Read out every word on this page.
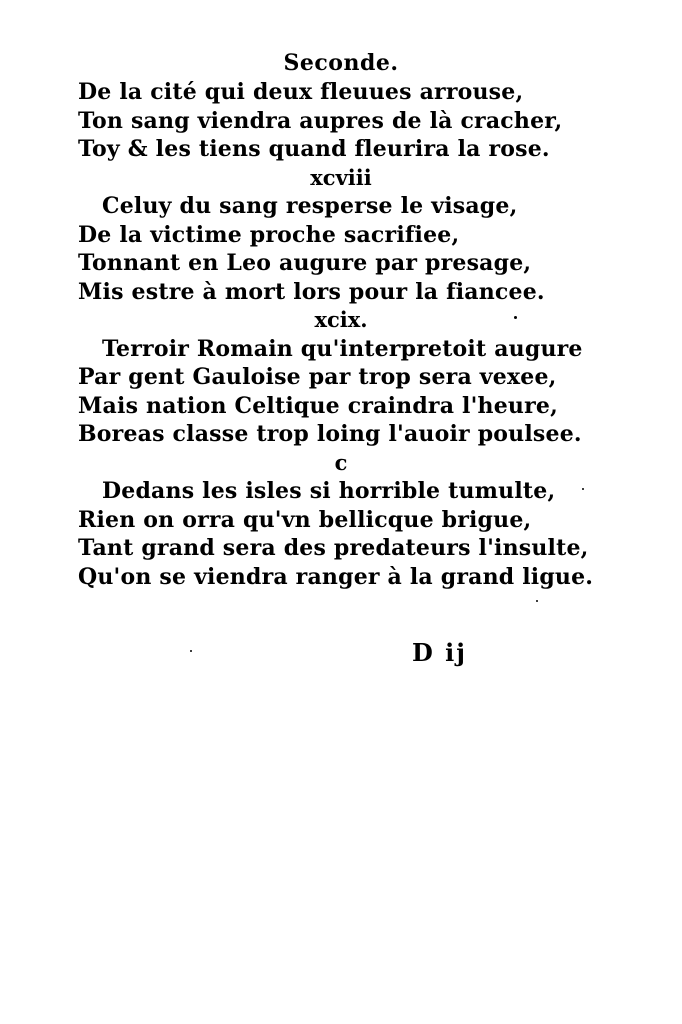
Seconde.
De la cité qui deux fleuues arrouse,
Ton sang viendra aupres de là cracher,
Toy & les tiens quand fleurira la rose.
xcviii
Celuy du sang resperse le visage,
De la victime proche sacrifiee,
Tonnant en Leo augure par presage,
Mis estre à mort lors pour la fiancee.
xcix.
Terroir Romain qu'interpretoit augure
Par gent Gauloise par trop sera vexee,
Mais nation Celtique craindra l'heure,
Boreas classe trop loing l'auoir poulsee.
c
Dedans les isles si horrible tumulte,
Rien on orra qu'vn bellicque brigue,
Tant grand sera des predateurs l'insulte,
Qu'on se viendra ranger à la grand ligue.
D ij
